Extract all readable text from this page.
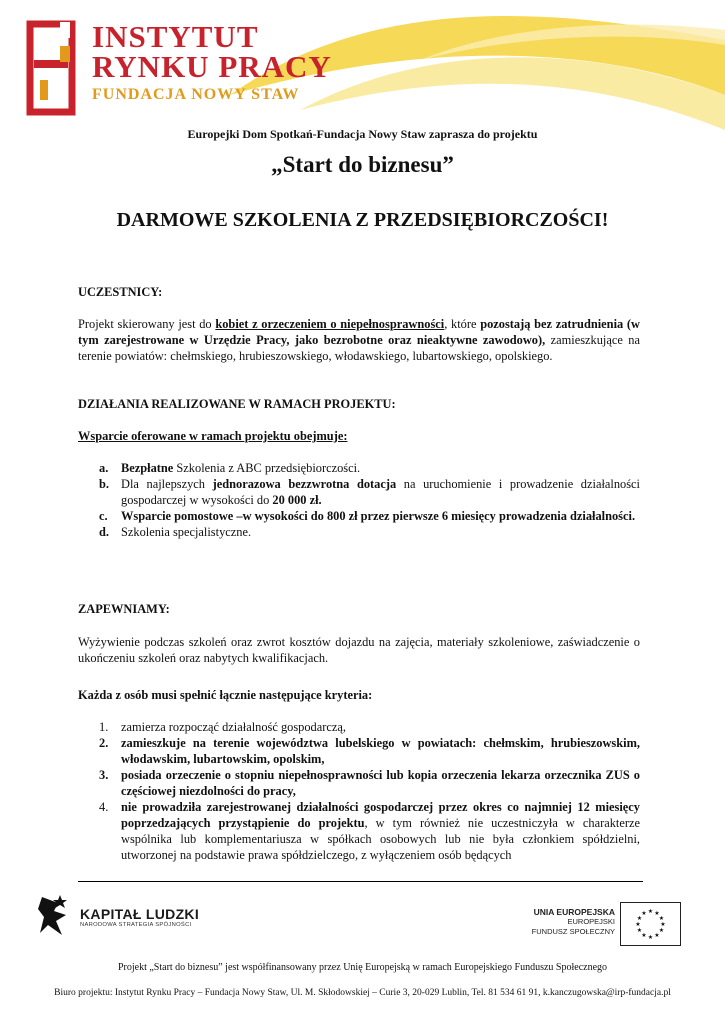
INSTYTUT
RYNKU PRACY
FUNDACJA NOWY STAW
Europejki Dom Spotkań-Fundacja Nowy Staw zaprasza do projektu
„Start do biznesu”
DARMOWE SZKOLENIA Z PRZEDSIĘBIORCZOŚCI!
UCZESTNICY:
Projekt skierowany jest do kobiet z orzeczeniem o niepełnosprawności, które pozostają bez zatrudnienia (w tym zarejestrowane w Urzędzie Pracy, jako bezrobotne oraz nieaktywne zawodowo), zamieszkujące na terenie powiatów: chełmskiego, hrubieszowskiego, włodawskiego, lubartowskiego, opolskiego.
DZIAŁANIA REALIZOWANE W RAMACH PROJEKTU:
Wsparcie oferowane w ramach projektu obejmuje:
a. Bezpłatne Szkolenia z ABC przedsiębiorczości.
b. Dla najlepszych jednorazowa bezzwrotna dotacja na uruchomienie i prowadzenie działalności gospodarczej w wysokości do 20 000 zł.
c. Wsparcie pomostowe –w wysokości do 800 zł przez pierwsze 6 miesięcy prowadzenia działalności.
d. Szkolenia specjalistyczne.
ZAPEWNIAMY:
Wyżywienie podczas szkoleń oraz zwrot kosztów dojazdu na zajęcia, materiały szkoleniowe, zaświadczenie o ukończeniu szkoleń oraz nabytych kwalifikacjach.
Każda z osób musi spełnić łącznie następujące kryteria:
1. zamierza rozpocząć działalność gospodarczą,
2. zamieszkuje na terenie województwa lubelskiego w powiatach: chełmskim, hrubieszowskim, włodawskim, lubartowskim, opolskim,
3. posiada orzeczenie o stopniu niepełnosprawności lub kopia orzeczenia lekarza orzecznika ZUS o częściowej niezdolności do pracy,
4. nie prowadziła zarejestrowanej działalności gospodarczej przez okres co najmniej 12 miesięcy poprzedzających przystąpienie do projektu, w tym również nie uczestniczyła w charakterze wspólnika lub komplementariusza w spółkach osobowych lub nie była członkiem spółdzielni, utworzonej na podstawie prawa spółdzielczego, z wyłączeniem osób będących
KAPITAŁ LUDZKI
NARODOWA STRATEGIA SPÓJNOŚCI
UNIA EUROPEJSKA
EUROPEJSKI
FUNDUSZ SPOŁECZNY
★ ★
★
★
★
★
★
★
★
★
★
★
Projekt „Start do biznesu” jest współfinansowany przez Unię Europejską w ramach Europejskiego Funduszu Społecznego
Biuro projektu: Instytut Rynku Pracy – Fundacja Nowy Staw, Ul. M. Skłodowskiej – Curie 3, 20-029 Lublin, Tel. 81 534 61 91, k.kanczugowska@irp-fundacja.pl
